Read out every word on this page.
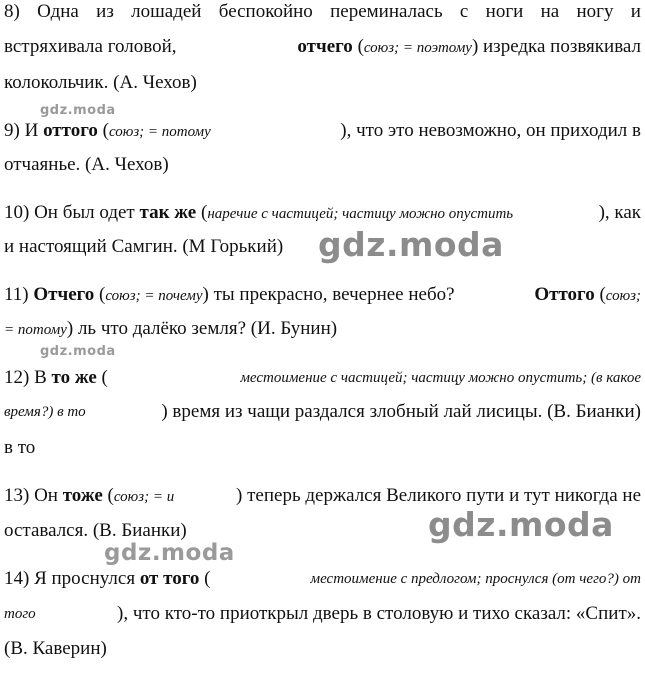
8) Одна из лошадей беспокойно переминалась с ноги на ногу и
встряхивала головой,	отчего (союз; = поэтому) изредка позвякивал
колокольчик. (А. Чехов)
9) И оттого (союз; = потому	), что это невозможно, он приходил в
отчаянье. (А. Чехов)
10) Он был одет так же (наречие с частицей; частицу можно опустить	), как
и настоящий Самгин. (М Горький)
11) Отчего (союз; = почему) ты прекрасно, вечернее небо?	Оттого (союз;
= потому) ль что далёко земля? (И. Бунин)
12) В то же (	местоимение с частицей; частицу можно опустить; (в какое
время?) в то	) время из чащи раздался злобный лай лисицы. (В. Бианки)
в то
13) Он тоже (союз; = и	) теперь держался Великого пути и тут никогда не
оставался. (В. Бианки)
14) Я проснулся от того (	местоимение с предлогом; проснулся (от чего?) от
того	), что кто-то приоткрыл дверь в столовую и тихо сказал: «Спит».
(В. Каверин)
gdz.moda
gdz.moda
gdz.moda
gdz.moda
gdz.moda
